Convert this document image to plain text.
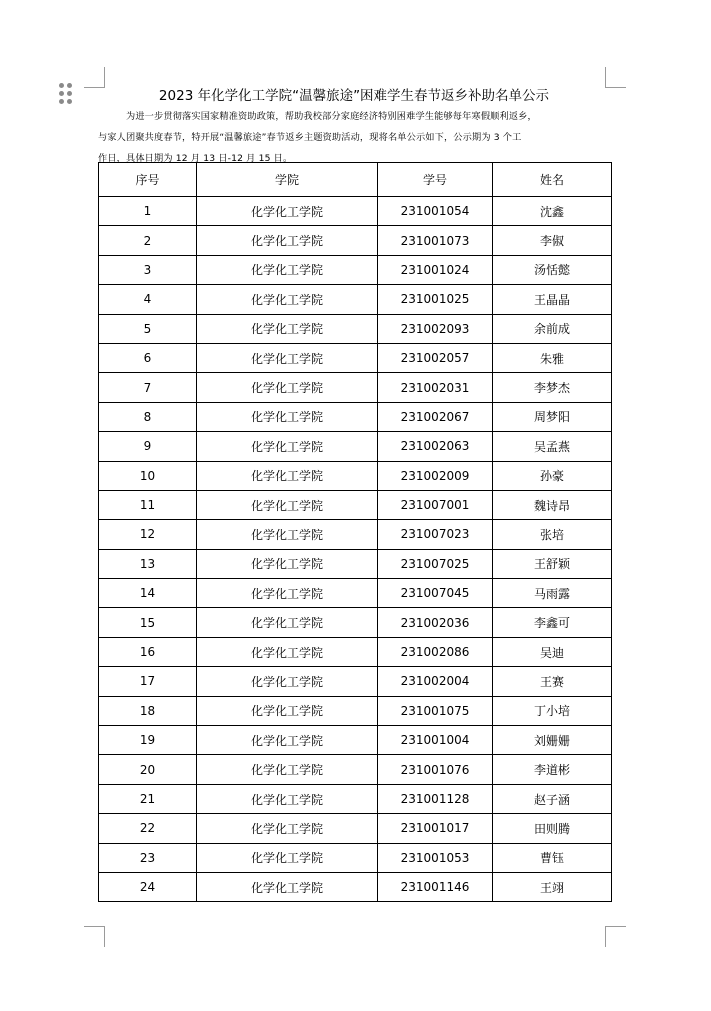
2023 年化学化工学院“温馨旅途”困难学生春节返乡补助名单公示

为进一步贯彻落实国家精准资助政策，帮助我校部分家庭经济特别困难学生能够每年寒假顺利返乡，

与家人团聚共度春节，特开展“温馨旅途”春节返乡主题资助活动，现将名单公示如下，公示期为 3 个工

作日，具体日期为 12 月 13 日-12 月 15 日。

序号	学院	学号	姓名
1	化学化工学院	231001054	沈鑫
2	化学化工学院	231001073	李俶
3	化学化工学院	231001024	汤恬懿
4	化学化工学院	231001025	王晶晶
5	化学化工学院	231002093	余前成
6	化学化工学院	231002057	朱雅
7	化学化工学院	231002031	李梦杰
8	化学化工学院	231002067	周梦阳
9	化学化工学院	231002063	吴孟燕
10	化学化工学院	231002009	孙豪
11	化学化工学院	231007001	魏诗昂
12	化学化工学院	231007023	张培
13	化学化工学院	231007025	王舒颖
14	化学化工学院	231007045	马雨露
15	化学化工学院	231002036	李鑫可
16	化学化工学院	231002086	吴迪
17	化学化工学院	231002004	王赛
18	化学化工学院	231001075	丁小培
19	化学化工学院	231001004	刘姗姗
20	化学化工学院	231001076	李道彬
21	化学化工学院	231001128	赵子涵
22	化学化工学院	231001017	田则腾
23	化学化工学院	231001053	曹钰
24	化学化工学院	231001146	王翊
